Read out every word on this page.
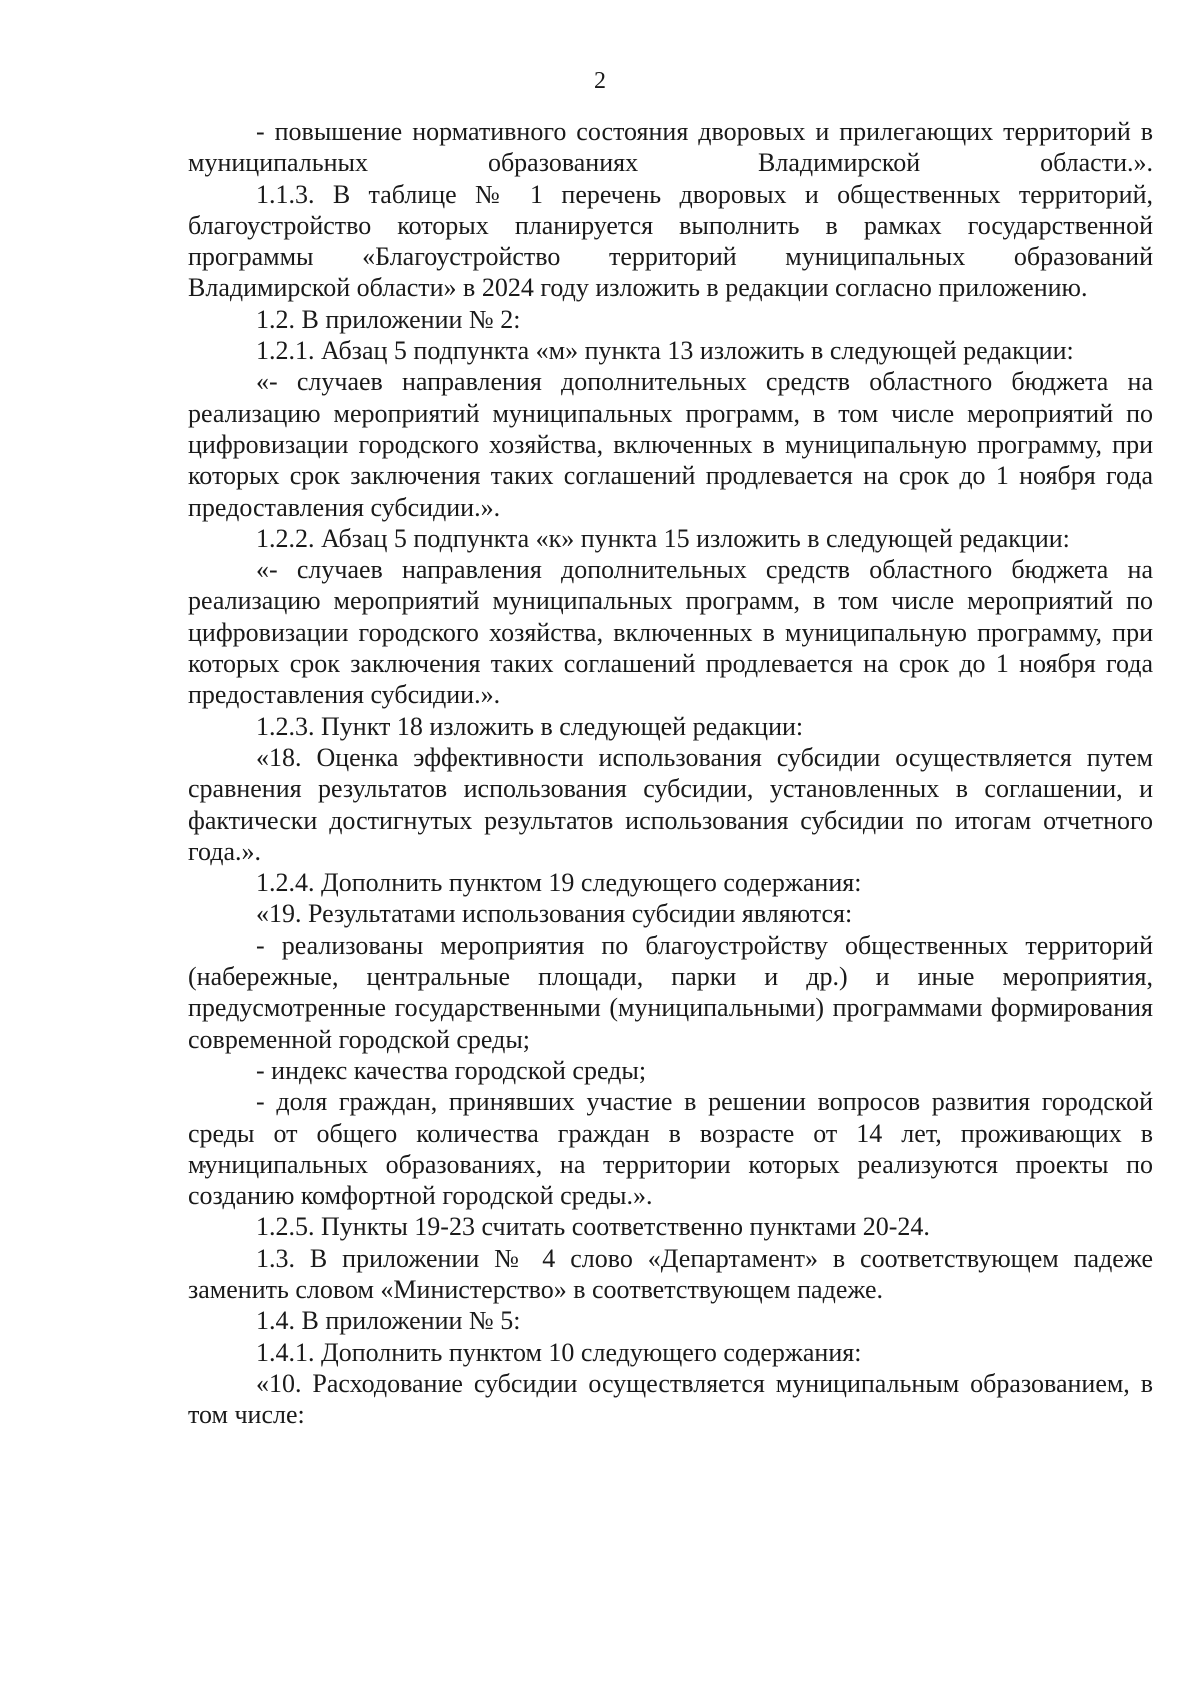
2

- повышение нормативного состояния дворовых и прилегающих территорий в муниципальных образованиях Владимирской области.».

1.1.3. В таблице № 1 перечень дворовых и общественных территорий, благоустройство которых планируется выполнить в рамках государственной программы «Благоустройство территорий муниципальных образований Владимирской области» в 2024 году изложить в редакции согласно приложению.

1.2. В приложении № 2:

1.2.1. Абзац 5 подпункта «м» пункта 13 изложить в следующей редакции:

«- случаев направления дополнительных средств областного бюджета на реализацию мероприятий муниципальных программ, в том числе мероприятий по цифровизации городского хозяйства, включенных в муниципальную программу, при которых срок заключения таких соглашений продлевается на срок до 1 ноября года предоставления субсидии.».

1.2.2. Абзац 5 подпункта «к» пункта 15 изложить в следующей редакции:

«- случаев направления дополнительных средств областного бюджета на реализацию мероприятий муниципальных программ, в том числе мероприятий по цифровизации городского хозяйства, включенных в муниципальную программу, при которых срок заключения таких соглашений продлевается на срок до 1 ноября года предоставления субсидии.».

1.2.3. Пункт 18 изложить в следующей редакции:

«18. Оценка эффективности использования субсидии осуществляется путем сравнения результатов использования субсидии, установленных в соглашении, и фактически достигнутых результатов использования субсидии по итогам отчетного года.».

1.2.4. Дополнить пунктом 19 следующего содержания:

«19. Результатами использования субсидии являются:

- реализованы мероприятия по благоустройству общественных территорий (набережные, центральные площади, парки и др.) и иные мероприятия, предусмотренные государственными (муниципальными) программами формирования современной городской среды;

- индекс качества городской среды;

- доля граждан, принявших участие в решении вопросов развития городской среды от общего количества граждан в возрасте от 14 лет, проживающих в муниципальных образованиях, на территории которых реализуются проекты по созданию комфортной городской среды.».

1.2.5. Пункты 19-23 считать соответственно пунктами 20-24.

1.3. В приложении № 4 слово «Департамент» в соответствующем падеже заменить словом «Министерство» в соответствующем падеже.

1.4. В приложении № 5:

1.4.1. Дополнить пунктом 10 следующего содержания:

«10. Расходование субсидии осуществляется муниципальным образованием, в том числе:
